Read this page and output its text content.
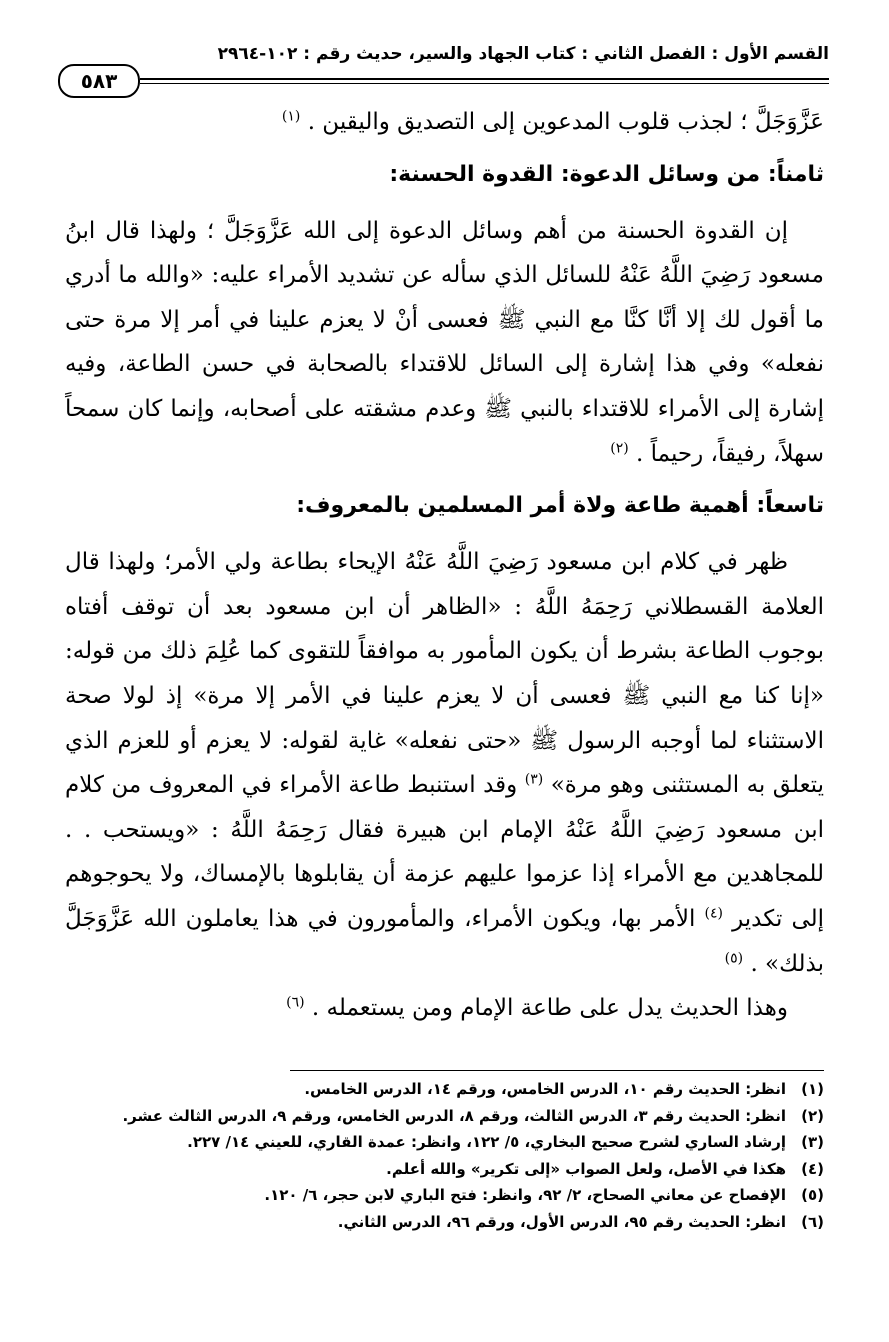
القسم الأول : الفصل الثاني : كتاب الجهاد والسير، حديث رقم : ١٠٢-٢٩٦٤
٥٨٣

عَزَّوَجَلَّ ؛ لجذب قلوب المدعوين إلى التصديق واليقين . $^{(١)}$

ثامناً: من وسائل الدعوة: القدوة الحسنة:

إن القدوة الحسنة من أهم وسائل الدعوة إلى الله عَزَّوَجَلَّ ؛ ولهذا قال ابنُ مسعود رَضِيَ اللَّهُ عَنْهُ للسائل الذي سأله عن تشديد الأمراء عليه: «والله ما أدري ما أقول لك إلا أنَّا كنَّا مع النبي ﷺ فعسى أنْ لا يعزم علينا في أمر إلا مرة حتى نفعله» وفي هذا إشارة إلى السائل للاقتداء بالصحابة في حسن الطاعة، وفيه إشارة إلى الأمراء للاقتداء بالنبي ﷺ وعدم مشقته على أصحابه، وإنما كان سمحاً سهلاً، رفيقاً، رحيماً . $^{(٢)}$

تاسعاً: أهمية طاعة ولاة أمر المسلمين بالمعروف:

ظهر في كلام ابن مسعود رَضِيَ اللَّهُ عَنْهُ الإيحاء بطاعة ولي الأمر؛ ولهذا قال العلامة القسطلاني رَحِمَهُ اللَّهُ : «الظاهر أن ابن مسعود بعد أن توقف أفتاه بوجوب الطاعة بشرط أن يكون المأمور به موافقاً للتقوى كما عُلِمَ ذلك من قوله: «إنا كنا مع النبي ﷺ فعسى أن لا يعزم علينا في الأمر إلا مرة» إذ لولا صحة الاستثناء لما أوجبه الرسول ﷺ «حتى نفعله» غاية لقوله: لا يعزم أو للعزم الذي يتعلق به المستثنى وهو مرة» $^{(٣)}$ وقد استنبط طاعة الأمراء في المعروف من كلام ابن مسعود رَضِيَ اللَّهُ عَنْهُ الإمام ابن هبيرة فقال رَحِمَهُ اللَّهُ : «ويستحب . . للمجاهدين مع الأمراء إذا عزموا عليهم عزمة أن يقابلوها بالإمساك، ولا يحوجوهم إلى تكدير $^{(٤)}$ الأمر بها، ويكون الأمراء، والمأمورون في هذا يعاملون الله عَزَّوَجَلَّ بذلك» . $^{(٥)}$

وهذا الحديث يدل على طاعة الإمام ومن يستعمله . $^{(٦)}$

(١)
انظر: الحديث رقم ١٠، الدرس الخامس، ورقم ١٤، الدرس الخامس.
(٢)
انظر: الحديث رقم ٣، الدرس الثالث، ورقم ٨، الدرس الخامس، ورقم ٩، الدرس الثالث عشر.
(٣)
إرشاد الساري لشرح صحيح البخاري، ٥/ ١٢٢، وانظر: عمدة القاري، للعيني ١٤/ ٢٢٧.
(٤)
هكذا في الأصل، ولعل الصواب «إلى تكرير» والله أعلم.
(٥)
الإفصاح عن معاني الصحاح، ٢/ ٩٢، وانظر: فتح الباري لابن حجر، ٦/ ١٢٠.
(٦)
انظر: الحديث رقم ٩٥، الدرس الأول، ورقم ٩٦، الدرس الثاني.
